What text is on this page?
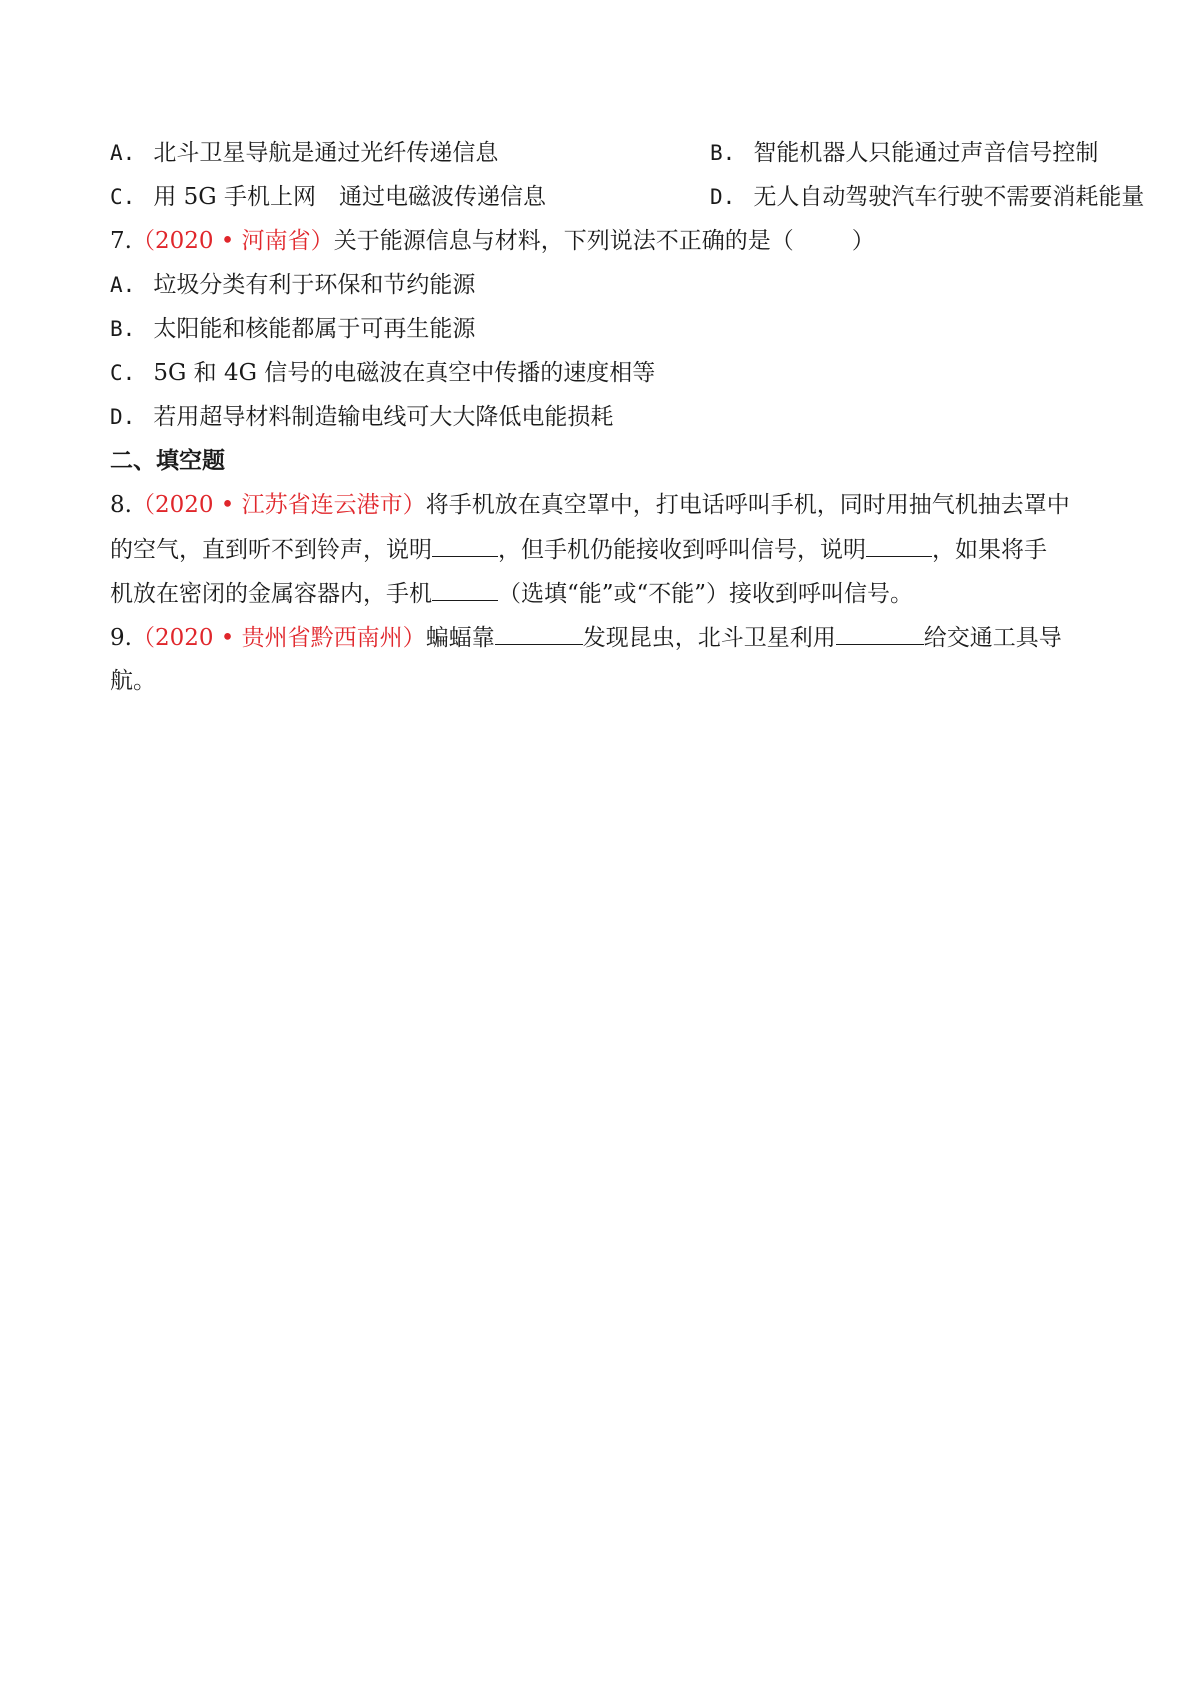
A. 北斗卫星导航是通过光纤传递信息	B. 智能机器人只能通过声音信号控制
C. 用 5G 手机上网　通过电磁波传递信息	D. 无人自动驾驶汽车行驶不需要消耗能量
7.（2020 • 河南省）关于能源信息与材料，下列说法不正确的是（	）
A. 垃圾分类有利于环保和节约能源
B. 太阳能和核能都属于可再生能源
C. 5G 和 4G 信号的电磁波在真空中传播的速度相等
D. 若用超导材料制造输电线可大大降低电能损耗
二、填空题
8.（2020 • 江苏省连云港市）将手机放在真空罩中，打电话呼叫手机，同时用抽气机抽去罩中
的空气，直到听不到铃声，说明	，但手机仍能接收到呼叫信号，说明	，如果将手
机放在密闭的金属容器内，手机	（选填“能”或“不能”）接收到呼叫信号。
9.（2020 • 贵州省黔西南州）蝙蝠靠	发现昆虫，北斗卫星利用	给交通工具导
航。
